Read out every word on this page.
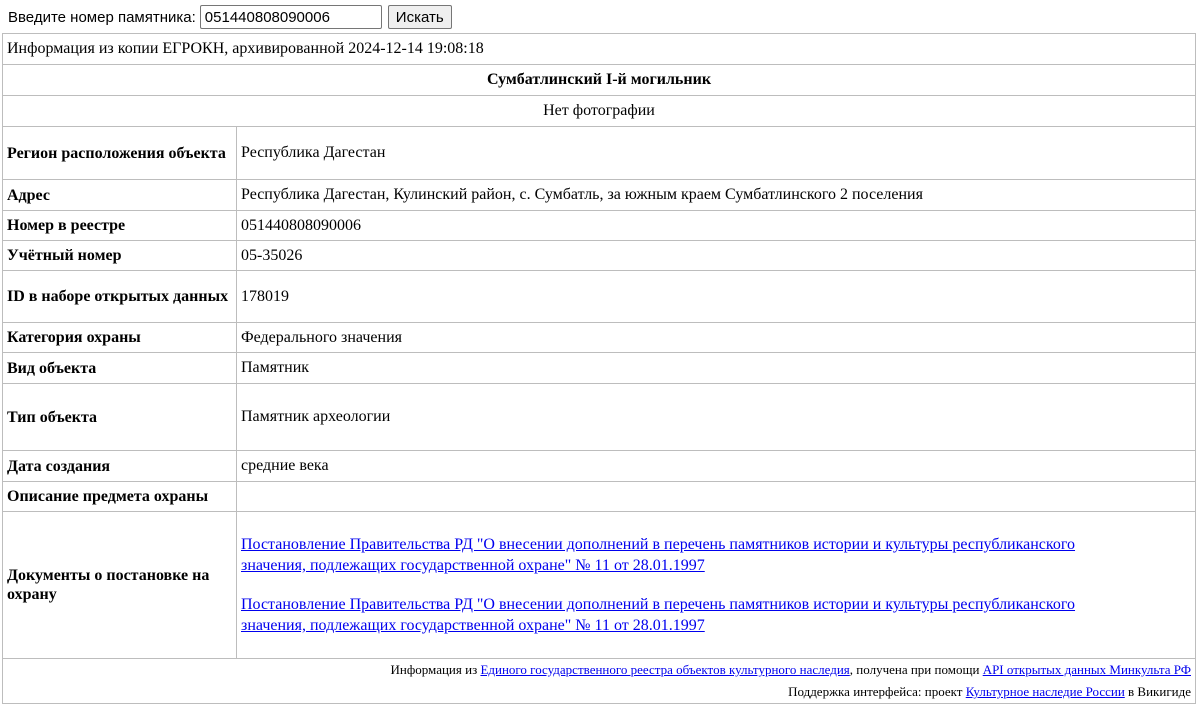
Введите номер памятника:
051440808090006	Искать
Информация из копии ЕГРОКН, архивированной 2024-12-14 19:08:18	
Сумбатлинский I-й могильник	
Нет фотографии	
Регион расположения объекта	Республика Дагестан
Адрес	Республика Дагестан, Кулинский район, с. Сумбатль, за южным краем Сумбатлинского 2 поселения
Номер в реестре	051440808090006
Учётный номер	05-35026
ID в наборе открытых данных	178019
Категория охраны	Федерального значения
Вид объекта	Памятник
Тип объекта	Памятник археологии
Дата создания	средние века
Описание предмета охраны	
Документы о постановке на охрану	Постановление Правительства РД "О внесении дополнений в перечень памятников истории и культуры республиканского
значения, подлежащих государственной охране" № 11 от 28.01.1997
Постановление Правительства РД "О внесении дополнений в перечень памятников истории и культуры республиканского
значения, подлежащих государственной охране" № 11 от 28.01.1997

Информация из Единого государственного реестра объектов культурного наследия, получена при помощи API открытых данных Минкульта РФ
Поддержка интерфейса: проект Культурное наследие России в Викигиде	
